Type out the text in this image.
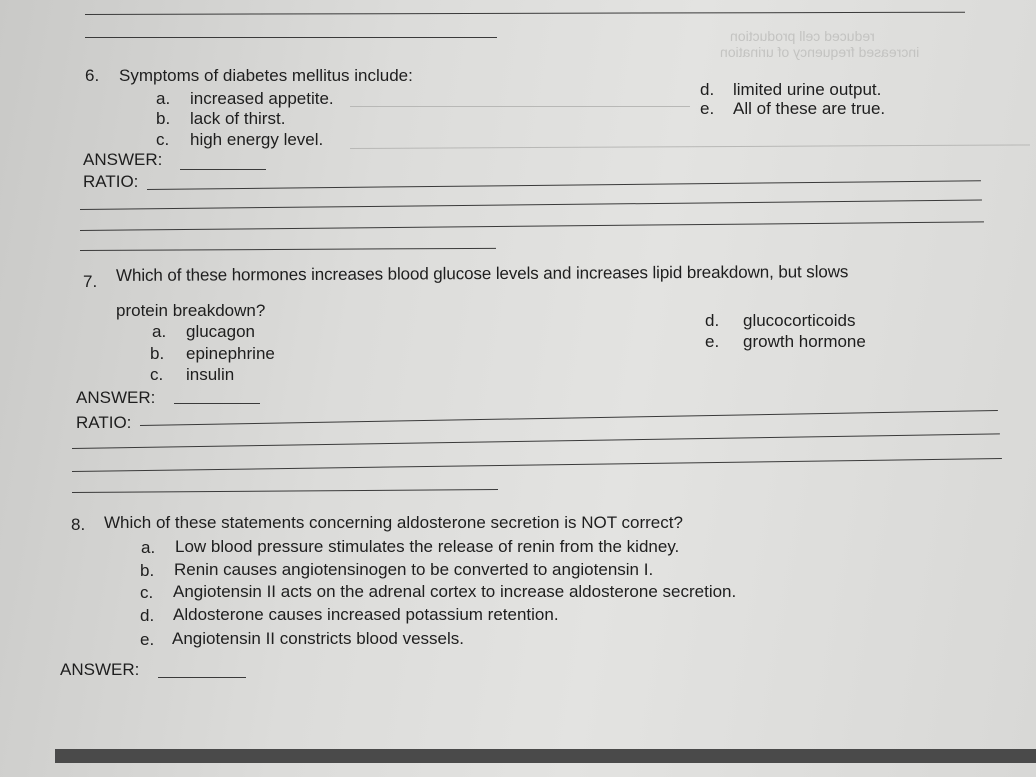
reduced cell production
increased frequency of urination
6. Symptoms of diabetes mellitus include:
a. increased appetite.
b. lack of thirst.
c. high energy level.
d. limited urine output.
e. All of these are true.
ANSWER:
RATIO:
7. Which of these hormones increases blood glucose levels and increases lipid breakdown, but slows
protein breakdown?
a. glucagon
b. epinephrine
c. insulin
d. glucocorticoids
e. growth hormone
ANSWER:
RATIO:
8. Which of these statements concerning aldosterone secretion is NOT correct?
a. Low blood pressure stimulates the release of renin from the kidney.
b. Renin causes angiotensinogen to be converted to angiotensin I.
c. Angiotensin II acts on the adrenal cortex to increase aldosterone secretion.
d. Aldosterone causes increased potassium retention.
e. Angiotensin II constricts blood vessels.
ANSWER:
